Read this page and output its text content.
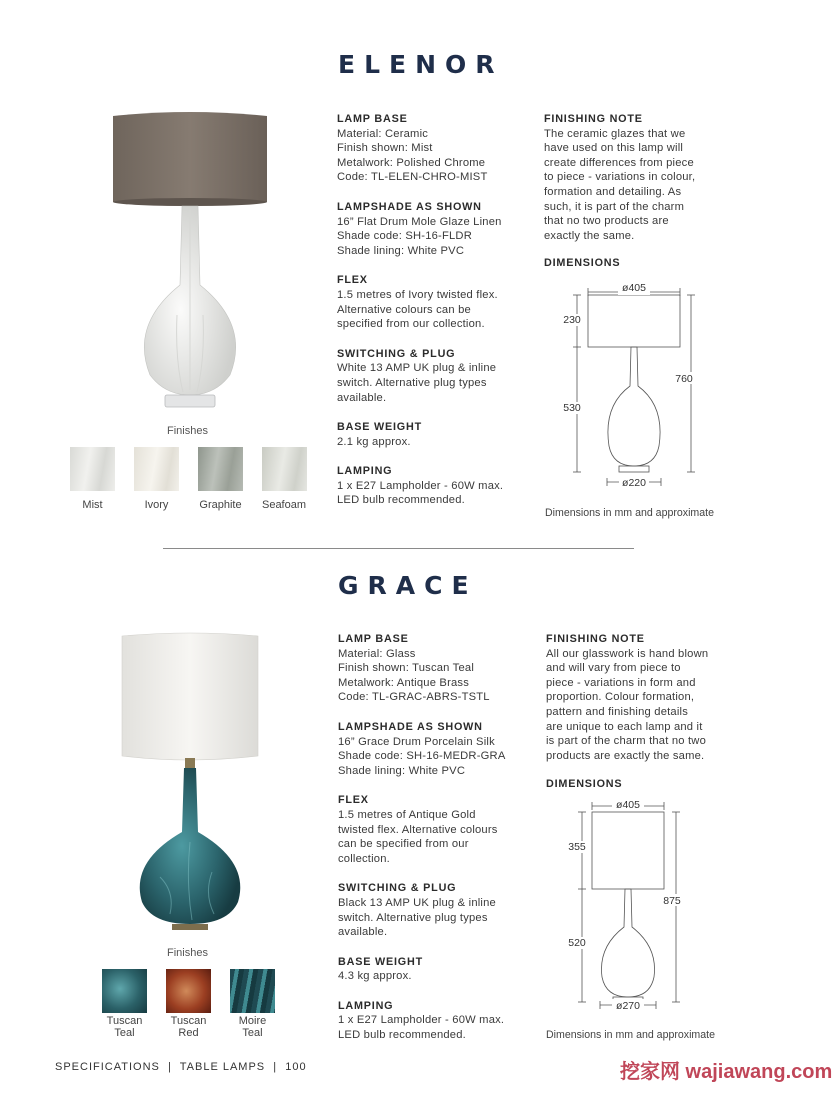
ELENOR
Finishes
Mist	Ivory	Graphite	Seafoam
LAMP BASE
Material: Ceramic
Finish shown: Mist
Metalwork: Polished Chrome
Code: TL-ELEN-CHRO-MIST
LAMPSHADE AS SHOWN
16” Flat Drum Mole Glaze Linen
Shade code: SH-16-FLDR
Shade lining: White PVC
FLEX
1.5 metres of Ivory twisted flex.
Alternative colours can be
specified from our collection.
SWITCHING & PLUG
White 13 AMP UK plug & inline
switch. Alternative plug types
available.
BASE WEIGHT
2.1 kg approx.
LAMPING
1 x E27 Lampholder - 60W max.
LED bulb recommended.
FINISHING NOTE
The ceramic glazes that we
have used on this lamp will
create differences from piece
to piece - variations in colour,
formation and detailing. As
such, it is part of the charm
that no two products are
exactly the same.
DIMENSIONS
ø405
230
530
760
ø220
Dimensions in mm and approximate
GRACE
Finishes
Tuscan
Teal
Tuscan
Red
Moire
Teal
LAMP BASE
Material: Glass
Finish shown: Tuscan Teal
Metalwork: Antique Brass
Code: TL-GRAC-ABRS-TSTL
LAMPSHADE AS SHOWN
16” Grace Drum Porcelain Silk
Shade code: SH-16-MEDR-GRA
Shade lining: White PVC
FLEX
1.5 metres of Antique Gold
twisted flex. Alternative colours
can be specified from our
collection.
SWITCHING & PLUG
Black 13 AMP UK plug & inline
switch. Alternative plug types
available.
BASE WEIGHT
4.3 kg approx.
LAMPING
1 x E27 Lampholder - 60W max.
LED bulb recommended.
FINISHING NOTE
All our glasswork is hand blown
and will vary from piece to
piece - variations in form and
proportion. Colour formation,
pattern and finishing details
are unique to each lamp and it
is part of the charm that no two
products are exactly the same.
DIMENSIONS
ø405
355
520
875
ø270
Dimensions in mm and approximate
SPECIFICATIONS  |  TABLE LAMPS  |  100	挖家网 wajiawang.com
